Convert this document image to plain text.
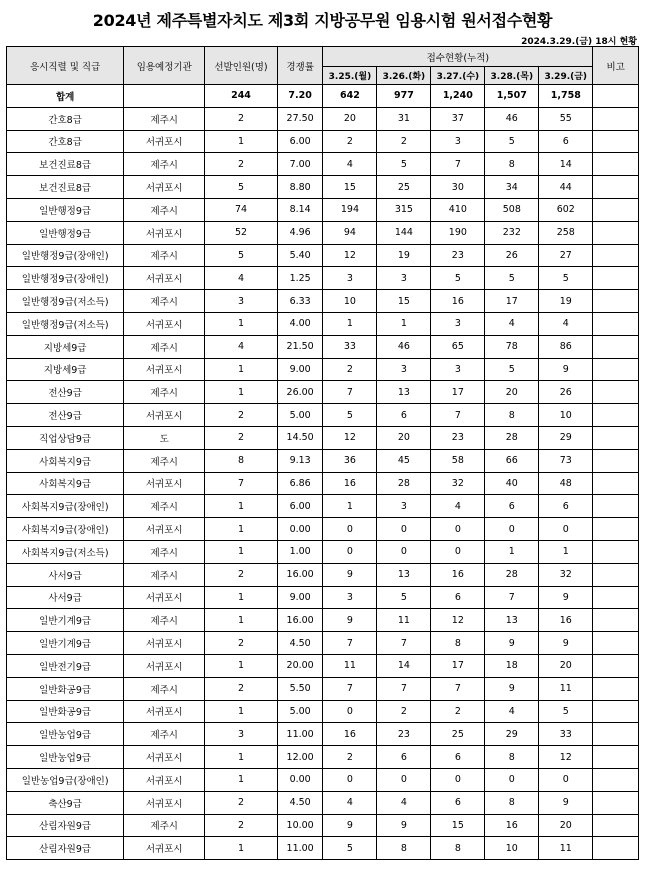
2024년 제주특별자치도 제3회 지방공무원 임용시험 원서접수현황
2024.3.29.(금) 18시 현황
응시직렬 및 직급	임용예정기관	선발인원(명)	경쟁률	접수현황(누적)					비고
				3.25.(월)	3.26.(화)	3.27.(수)	3.28.(목)	3.29.(금)	
합계		244	7.20	642	977	1,240	1,507	1,758	
간호8급	제주시	2	27.50	20	31	37	46	55	
간호8급	서귀포시	1	6.00	2	2	3	5	6	
보건진료8급	제주시	2	7.00	4	5	7	8	14	
보건진료8급	서귀포시	5	8.80	15	25	30	34	44	
일반행정9급	제주시	74	8.14	194	315	410	508	602	
일반행정9급	서귀포시	52	4.96	94	144	190	232	258	
일반행정9급(장애인)	제주시	5	5.40	12	19	23	26	27	
일반행정9급(장애인)	서귀포시	4	1.25	3	3	5	5	5	
일반행정9급(저소득)	제주시	3	6.33	10	15	16	17	19	
일반행정9급(저소득)	서귀포시	1	4.00	1	1	3	4	4	
지방세9급	제주시	4	21.50	33	46	65	78	86	
지방세9급	서귀포시	1	9.00	2	3	3	5	9	
전산9급	제주시	1	26.00	7	13	17	20	26	
전산9급	서귀포시	2	5.00	5	6	7	8	10	
직업상담9급	도	2	14.50	12	20	23	28	29	
사회복지9급	제주시	8	9.13	36	45	58	66	73	
사회복지9급	서귀포시	7	6.86	16	28	32	40	48	
사회복지9급(장애인)	제주시	1	6.00	1	3	4	6	6	
사회복지9급(장애인)	서귀포시	1	0.00	0	0	0	0	0	
사회복지9급(저소득)	제주시	1	1.00	0	0	0	1	1	
사서9급	제주시	2	16.00	9	13	16	28	32	
사서9급	서귀포시	1	9.00	3	5	6	7	9	
일반기계9급	제주시	1	16.00	9	11	12	13	16	
일반기계9급	서귀포시	2	4.50	7	7	8	9	9	
일반전기9급	서귀포시	1	20.00	11	14	17	18	20	
일반화공9급	제주시	2	5.50	7	7	7	9	11	
일반화공9급	서귀포시	1	5.00	0	2	2	4	5	
일반농업9급	제주시	3	11.00	16	23	25	29	33	
일반농업9급	서귀포시	1	12.00	2	6	6	8	12	
일반농업9급(장애인)	서귀포시	1	0.00	0	0	0	0	0	
축산9급	서귀포시	2	4.50	4	4	6	8	9	
산림자원9급	제주시	2	10.00	9	9	15	16	20	
산림자원9급	서귀포시	1	11.00	5	8	8	10	11	
